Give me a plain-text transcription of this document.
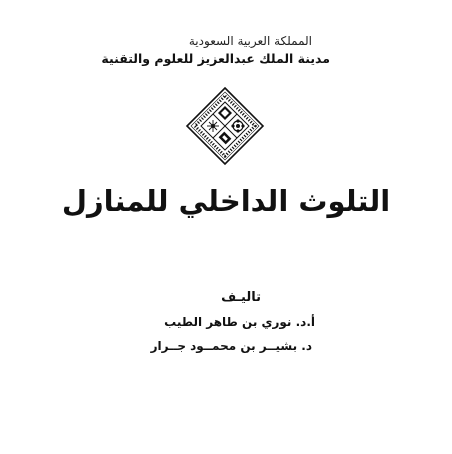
المملكة العربية السعودية
مدينة الملك عبدالعزيز للعلوم والتقنية
التلوث الداخلي للمنازل
تاليـف
أ.د. نوري بن طاهر الطيب
د. بشيــر بن محمــود جــرار
